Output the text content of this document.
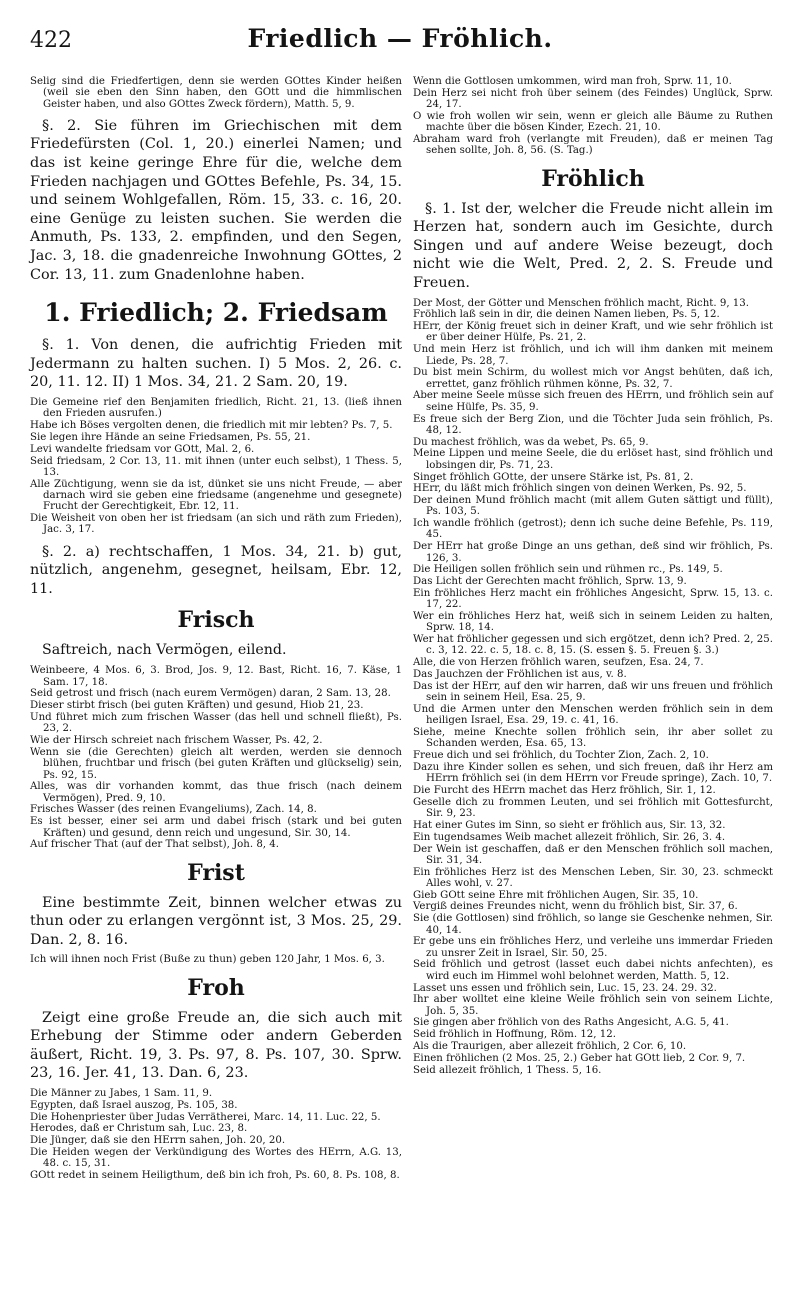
422	Friedlich — Fröhlich.

Selig sind die Friedfertigen, denn sie werden GOttes Kinder heißen (weil sie eben den Sinn haben, den GOtt und die himmlischen Geister haben, und also GOttes Zweck fördern), Matth. 5, 9.

§. 2. Sie führen im Griechischen mit dem Friedefürsten (Col. 1, 20.) einerlei Namen; und das ist keine geringe Ehre für die, welche dem Frieden nachjagen und GOttes Befehle, Ps. 34, 15. und seinem Wohlgefallen, Röm. 15, 33. c. 16, 20. eine Genüge zu leisten suchen. Sie werden die Anmuth, Ps. 133, 2. empfinden, und den Segen, Jac. 3, 18. die gnadenreiche Inwohnung GOttes, 2 Cor. 13, 11. zum Gnadenlohne haben.

1. Friedlich; 2. Friedsam

§. 1. Von denen, die aufrichtig Frieden mit Jedermann zu halten suchen. I) 5 Mos. 2, 26. c. 20, 11. 12. II) 1 Mos. 34, 21. 2 Sam. 20, 19.

Die Gemeine rief den Benjamiten friedlich, Richt. 21, 13. (ließ ihnen den Frieden ausrufen.)

Habe ich Böses vergolten denen, die friedlich mit mir lebten? Ps. 7, 5.

Sie legen ihre Hände an seine Friedsamen, Ps. 55, 21.

Levi wandelte friedsam vor GOtt, Mal. 2, 6.

Seid friedsam, 2 Cor. 13, 11. mit ihnen (unter euch selbst), 1 Thess. 5, 13.

Alle Züchtigung, wenn sie da ist, dünket sie uns nicht Freude, — aber darnach wird sie geben eine friedsame (angenehme und gesegnete) Frucht der Gerechtigkeit, Ebr. 12, 11.

Die Weisheit von oben her ist friedsam (an sich und räth zum Frieden), Jac. 3, 17.

§. 2. a) rechtschaffen, 1 Mos. 34, 21. b) gut, nützlich, angenehm, gesegnet, heilsam, Ebr. 12, 11.

Frisch

Saftreich, nach Vermögen, eilend.

Weinbeere, 4 Mos. 6, 3. Brod, Jos. 9, 12. Bast, Richt. 16, 7. Käse, 1 Sam. 17, 18.

Seid getrost und frisch (nach eurem Vermögen) daran, 2 Sam. 13, 28.

Dieser stirbt frisch (bei guten Kräften) und gesund, Hiob 21, 23.

Und führet mich zum frischen Wasser (das hell und schnell fließt), Ps. 23, 2.

Wie der Hirsch schreiet nach frischem Wasser, Ps. 42, 2.

Wenn sie (die Gerechten) gleich alt werden, werden sie dennoch blühen, fruchtbar und frisch (bei guten Kräften und glückselig) sein, Ps. 92, 15.

Alles, was dir vorhanden kommt, das thue frisch (nach deinem Vermögen), Pred. 9, 10.

Frisches Wasser (des reinen Evangeliums), Zach. 14, 8.

Es ist besser, einer sei arm und dabei frisch (stark und bei guten Kräften) und gesund, denn reich und ungesund, Sir. 30, 14.

Auf frischer That (auf der That selbst), Joh. 8, 4.

Frist

Eine bestimmte Zeit, binnen welcher etwas zu thun oder zu erlangen vergönnt ist, 3 Mos. 25, 29. Dan. 2, 8. 16.

Ich will ihnen noch Frist (Buße zu thun) geben 120 Jahr, 1 Mos. 6, 3.

Froh

Zeigt eine große Freude an, die sich auch mit Erhebung der Stimme oder andern Geberden äußert, Richt. 19, 3. Ps. 97, 8. Ps. 107, 30. Sprw. 23, 16. Jer. 41, 13. Dan. 6, 23.

Die Männer zu Jabes, 1 Sam. 11, 9.

Egypten, daß Israel auszog, Ps. 105, 38.

Die Hohenpriester über Judas Verrätherei, Marc. 14, 11. Luc. 22, 5.

Herodes, daß er Christum sah, Luc. 23, 8.

Die Jünger, daß sie den HErrn sahen, Joh. 20, 20.

Die Heiden wegen der Verkündigung des Wortes des HErrn, A.G. 13, 48. c. 15, 31.

GOtt redet in seinem Heiligthum, deß bin ich froh, Ps. 60, 8. Ps. 108, 8.

Wenn die Gottlosen umkommen, wird man froh, Sprw. 11, 10.

Dein Herz sei nicht froh über seinem (des Feindes) Unglück, Sprw. 24, 17.

O wie froh wollen wir sein, wenn er gleich alle Bäume zu Ruthen machte über die bösen Kinder, Ezech. 21, 10.

Abraham ward froh (verlangte mit Freuden), daß er meinen Tag sehen sollte, Joh. 8, 56. (S. Tag.)

Fröhlich

§. 1. Ist der, welcher die Freude nicht allein im Herzen hat, sondern auch im Gesichte, durch Singen und auf andere Weise bezeugt, doch nicht wie die Welt, Pred. 2, 2. S. Freude und Freuen.

Der Most, der Götter und Menschen fröhlich macht, Richt. 9, 13.

Fröhlich laß sein in dir, die deinen Namen lieben, Ps. 5, 12.

HErr, der König freuet sich in deiner Kraft, und wie sehr fröhlich ist er über deiner Hülfe, Ps. 21, 2.

Und mein Herz ist fröhlich, und ich will ihm danken mit meinem Liede, Ps. 28, 7.

Du bist mein Schirm, du wollest mich vor Angst behüten, daß ich, errettet, ganz fröhlich rühmen könne, Ps. 32, 7.

Aber meine Seele müsse sich freuen des HErrn, und fröhlich sein auf seine Hülfe, Ps. 35, 9.

Es freue sich der Berg Zion, und die Töchter Juda sein fröhlich, Ps. 48, 12.

Du machest fröhlich, was da webet, Ps. 65, 9.

Meine Lippen und meine Seele, die du erlöset hast, sind fröhlich und lobsingen dir, Ps. 71, 23.

Singet fröhlich GOtte, der unsere Stärke ist, Ps. 81, 2.

HErr, du läßt mich fröhlich singen von deinen Werken, Ps. 92, 5.

Der deinen Mund fröhlich macht (mit allem Guten sättigt und füllt), Ps. 103, 5.

Ich wandle fröhlich (getrost); denn ich suche deine Befehle, Ps. 119, 45.

Der HErr hat große Dinge an uns gethan, deß sind wir fröhlich, Ps. 126, 3.

Die Heiligen sollen fröhlich sein und rühmen rc., Ps. 149, 5.

Das Licht der Gerechten macht fröhlich, Sprw. 13, 9.

Ein fröhliches Herz macht ein fröhliches Angesicht, Sprw. 15, 13. c. 17, 22.

Wer ein fröhliches Herz hat, weiß sich in seinem Leiden zu halten, Sprw. 18, 14.

Wer hat fröhlicher gegessen und sich ergötzet, denn ich? Pred. 2, 25. c. 3, 12. 22. c. 5, 18. c. 8, 15. (S. essen §. 5. Freuen §. 3.)

Alle, die von Herzen fröhlich waren, seufzen, Esa. 24, 7.

Das Jauchzen der Fröhlichen ist aus, v. 8.

Das ist der HErr, auf den wir harren, daß wir uns freuen und fröhlich sein in seinem Heil, Esa. 25, 9.

Und die Armen unter den Menschen werden fröhlich sein in dem heiligen Israel, Esa. 29, 19. c. 41, 16.

Siehe, meine Knechte sollen fröhlich sein, ihr aber sollet zu Schanden werden, Esa. 65, 13.

Freue dich und sei fröhlich, du Tochter Zion, Zach. 2, 10.

Dazu ihre Kinder sollen es sehen, und sich freuen, daß ihr Herz am HErrn fröhlich sei (in dem HErrn vor Freude springe), Zach. 10, 7.

Die Furcht des HErrn machet das Herz fröhlich, Sir. 1, 12.

Geselle dich zu frommen Leuten, und sei fröhlich mit Gottesfurcht, Sir. 9, 23.

Hat einer Gutes im Sinn, so sieht er fröhlich aus, Sir. 13, 32.

Ein tugendsames Weib machet allezeit fröhlich, Sir. 26, 3. 4.

Der Wein ist geschaffen, daß er den Menschen fröhlich soll machen, Sir. 31, 34.

Ein fröhliches Herz ist des Menschen Leben, Sir. 30, 23. schmeckt Alles wohl, v. 27.

Gieb GOtt seine Ehre mit fröhlichen Augen, Sir. 35, 10.

Vergiß deines Freundes nicht, wenn du fröhlich bist, Sir. 37, 6.

Sie (die Gottlosen) sind fröhlich, so lange sie Geschenke nehmen, Sir. 40, 14.

Er gebe uns ein fröhliches Herz, und verleihe uns immerdar Frieden zu unsrer Zeit in Israel, Sir. 50, 25.

Seid fröhlich und getrost (lasset euch dabei nichts anfechten), es wird euch im Himmel wohl belohnet werden, Matth. 5, 12.

Lasset uns essen und fröhlich sein, Luc. 15, 23. 24. 29. 32.

Ihr aber wolltet eine kleine Weile fröhlich sein von seinem Lichte, Joh. 5, 35.

Sie gingen aber fröhlich von des Raths Angesicht, A.G. 5, 41.

Seid fröhlich in Hoffnung, Röm. 12, 12.

Als die Traurigen, aber allezeit fröhlich, 2 Cor. 6, 10.

Einen fröhlichen (2 Mos. 25, 2.) Geber hat GOtt lieb, 2 Cor. 9, 7.

Seid allezeit fröhlich, 1 Thess. 5, 16.
